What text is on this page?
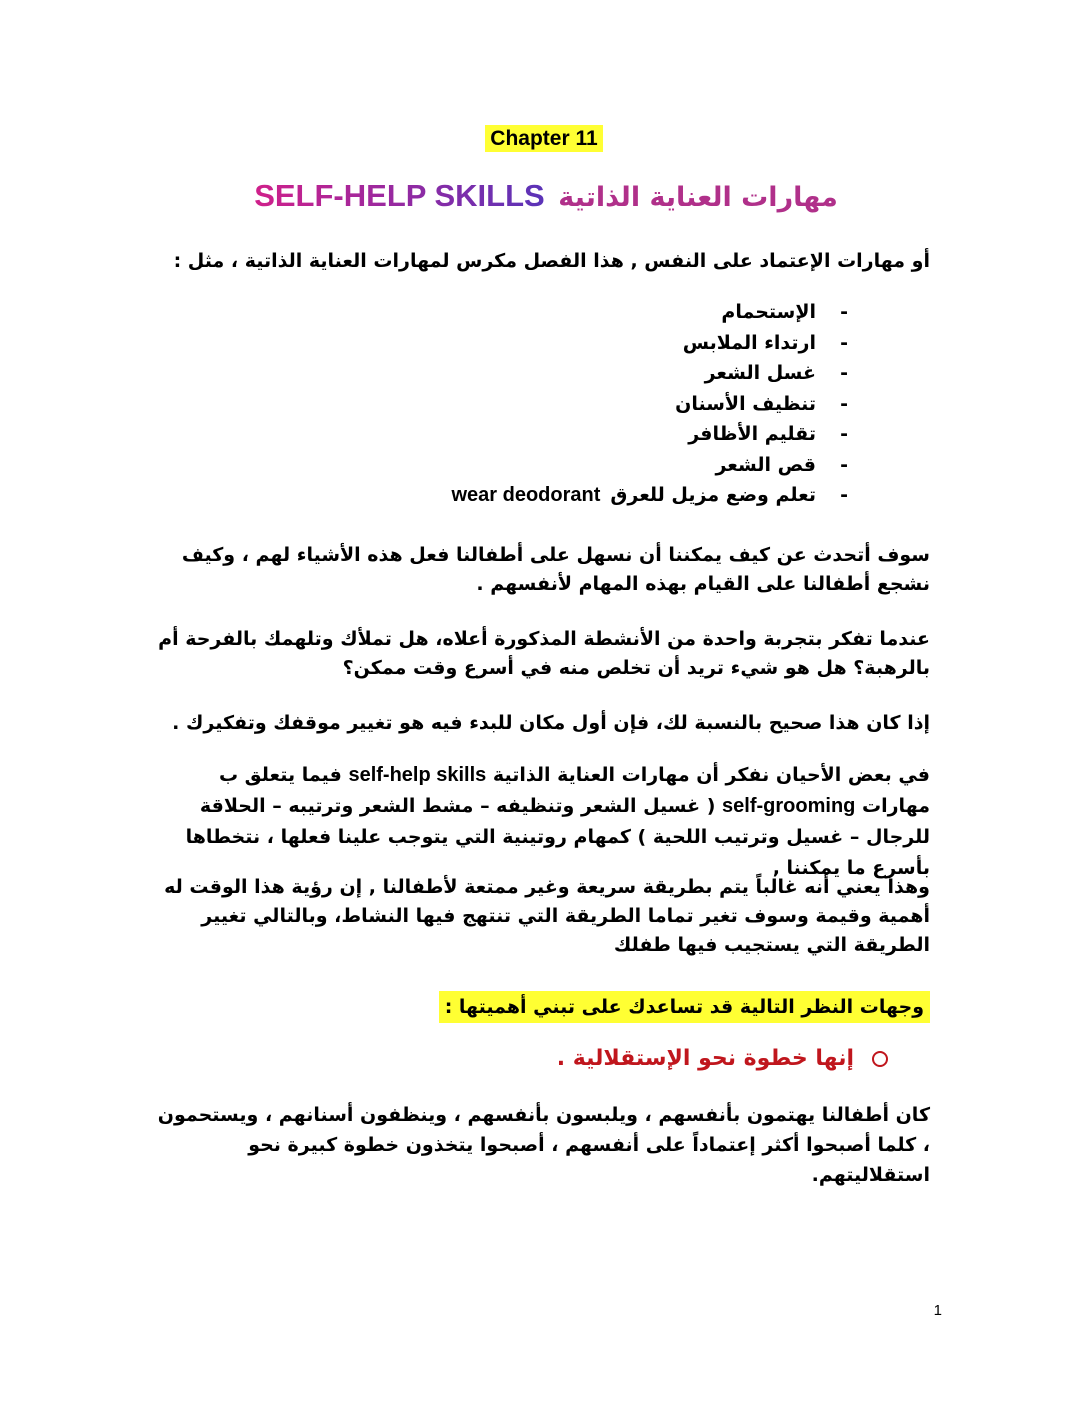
Chapter 11
مهارات العناية الذاتية SELF-HELP SKILLS
أو مهارات الإعتماد على النفس , هذا الفصل مكرس لمهارات العناية الذاتية ، مثل :
-
الإستحمام
-
ارتداء الملابس
-
غسل الشعر
-
تنظيف الأسنان
-
تقليم الأظافر
-
قص الشعر
-
تعلم وضع مزيل للعرقwear deodorant
سوف أتحدث عن كيف يمكننا أن نسهل على أطفالنا فعل هذه الأشياء لهم ، وكيف نشجع أطفالنا على القيام بهذه المهام لأنفسهم .
عندما تفكر بتجربة واحدة من الأنشطة المذكورة أعلاه، هل تملأك وتلهمك بالفرحة أم بالرهبة؟ هل هو شيء تريد أن تخلص منه في أسرع وقت ممكن؟
إذا كان هذا صحيح بالنسبة لك، فإن أول مكان للبدء فيه هو تغيير موقفك وتفكيرك .
في بعض الأحيان نفكر أن مهارات العناية الذاتية self-help skills فيما يتعلق ب مهارات self-grooming ( غسيل الشعر وتنظيفه – مشط الشعر وترتيبه – الحلاقة للرجال – غسيل وترتيب اللحية ) كمهام روتينية التي يتوجب علينا فعلها ، نتخطاها بأسرع ما يمكننا ,
وهذا يعني أنه غالباً يتم بطريقة سريعة وغير ممتعة لأطفالنا , إن رؤية هذا الوقت له أهمية وقيمة وسوف تغير تماما الطريقة التي تنتهج فيها النشاط، وبالتالي تغيير الطريقة التي يستجيب فيها طفلك
وجهات النظر التالية قد تساعدك على تبني أهميتها :
إنها خطوة نحو الإستقلالية .
كان أطفالنا يهتمون بأنفسهم ، ويلبسون بأنفسهم ، وينظفون أسنانهم ، ويستحمون ، كلما أصبحوا أكثر إعتماداً على أنفسهم ، أصبحوا يتخذون خطوة كبيرة نحو استقلاليتهم.
1
